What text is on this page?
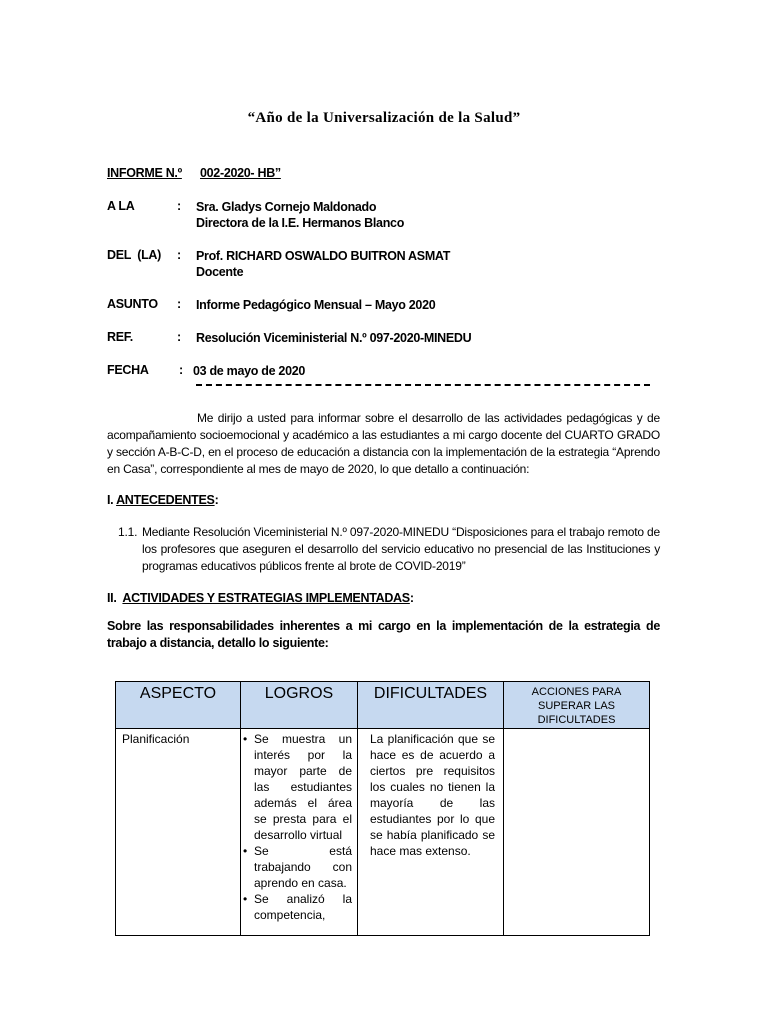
“Año de la Universalización de la Salud”
INFORME N.º 002-2020- HB”
A LA	: Sra. Gladys Cornejo Maldonado
Directora de la I.E. Hermanos Blanco
DEL  (LA) : Prof. RICHARD OSWALDO BUITRON ASMAT
Docente
ASUNTO : Informe Pedagógico Mensual – Mayo 2020
REF.	: Resolución Viceministerial N.º 097-2020-MINEDU
FECHA : 03 de mayo de 2020
Me dirijo a usted para informar sobre el desarrollo de las actividades pedagógicas y de acompañamiento socioemocional y académico a las estudiantes a mi cargo docente del CUARTO GRADO y sección A-B-C-D, en el proceso de educación a distancia con la implementación de la estrategia “Aprendo en Casa”, correspondiente al mes de mayo de 2020, lo que detallo a continuación:
I. ANTECEDENTES:
1.1. Mediante Resolución Viceministerial N.º 097-2020-MINEDU “Disposiciones para el trabajo remoto de los profesores que aseguren el desarrollo del servicio educativo no presencial de las Instituciones y programas educativos públicos frente al brote de COVID-2019”
II. ACTIVIDADES Y ESTRATEGIAS IMPLEMENTADAS:
Sobre las responsabilidades inherentes a mi cargo en la implementación de la estrategia de trabajo a distancia, detallo lo siguiente:
ASPECTO	LOGROS	DIFICULTADES	ACCIONES PARA SUPERAR LAS DIFICULTADES
Planificación	• Se muestra un interés por la mayor parte de las estudiantes además el área se presta para el desarrollo virtual
• Se está trabajando con aprendo en casa.
• Se analizó la competencia,	La planificación que se hace es de acuerdo a ciertos pre requisitos los cuales no tienen la mayoría de las estudiantes por lo que se había planificado se hace mas extenso.	
